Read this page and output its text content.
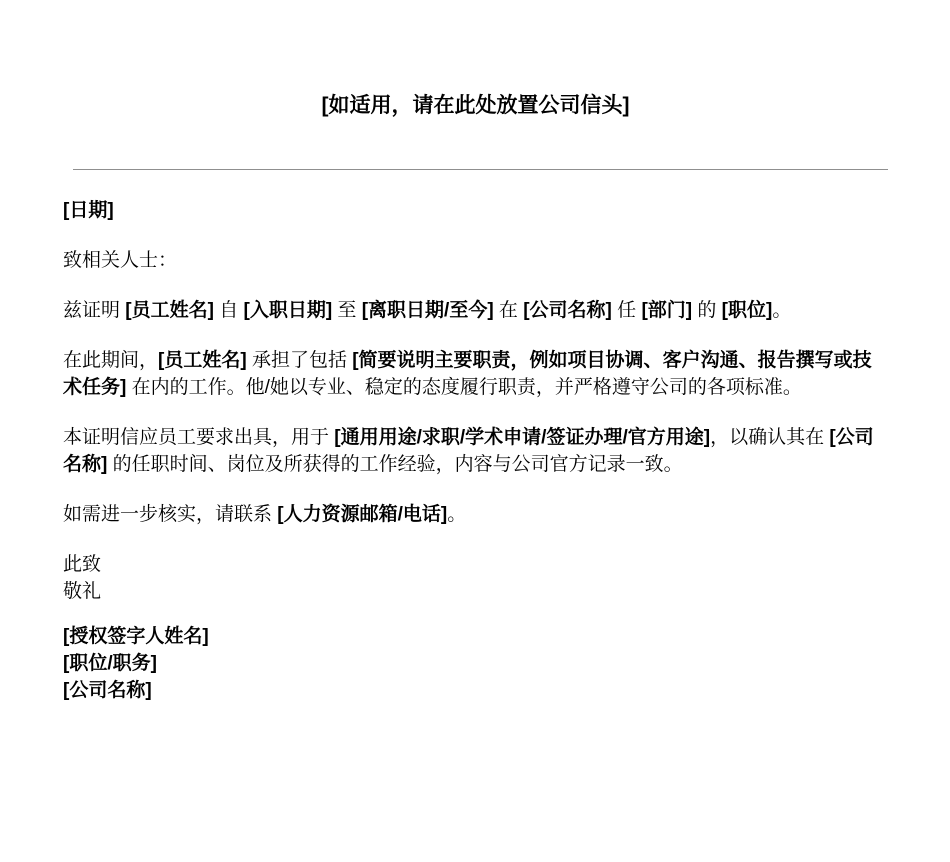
[如适用，请在此处放置公司信头]

[日期]

致相关人士：

兹证明 [员工姓名] 自 [入职日期] 至 [离职日期/至今] 在 [公司名称] 任 [部门] 的 [职位]。

在此期间，[员工姓名] 承担了包括 [简要说明主要职责，例如项目协调、客户沟通、报告撰写或技术任务] 在内的工作。他/她以专业、稳定的态度履行职责，并严格遵守公司的各项标准。

本证明信应员工要求出具，用于 [通用用途/求职/学术申请/签证办理/官方用途]，以确认其在 [公司名称] 的任职时间、岗位及所获得的工作经验，内容与公司官方记录一致。

如需进一步核实，请联系 [人力资源邮箱/电话]。

此致
敬礼

[授权签字人姓名]
[职位/职务]
[公司名称]
